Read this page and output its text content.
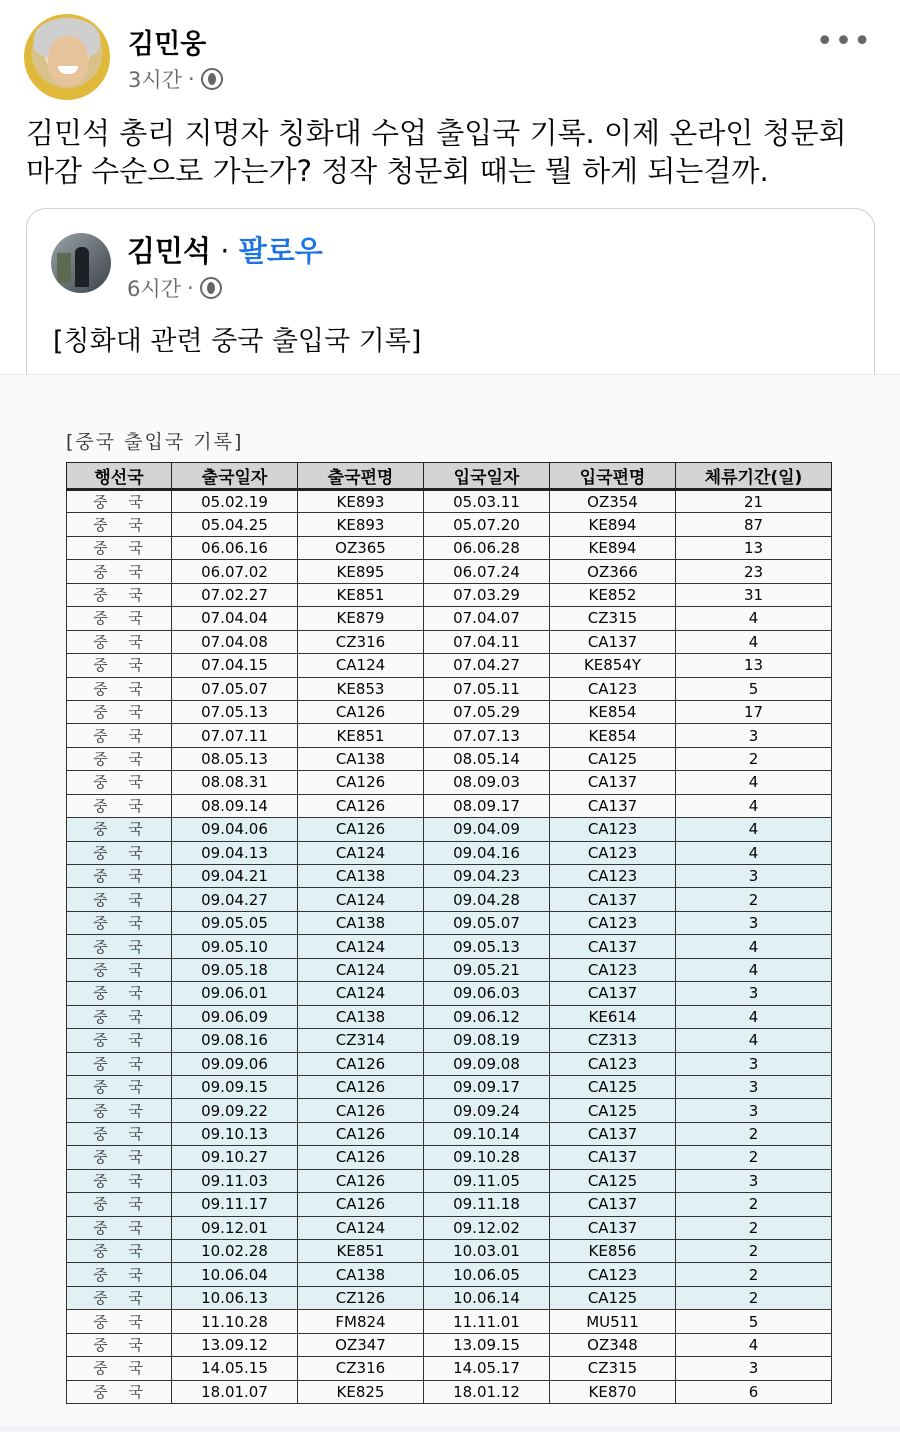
김민웅
3시간 ·
•••
김민석 총리 지명자 칭화대 수업 출입국 기록. 이제 온라인 청문회 마감 수순으로 가는가? 정작 청문회 때는 뭘 하게 되는걸까.
김민석 · 팔로우
6시간 ·
[칭화대 관련 중국 출입국 기록]
[중국 출입국 기록]
행선국	출국일자	출국편명	입국일자	입국편명	체류기간(일)
중 국	05.02.19	KE893	05.03.11	OZ354	21
중 국	05.04.25	KE893	05.07.20	KE894	87
중 국	06.06.16	OZ365	06.06.28	KE894	13
중 국	06.07.02	KE895	06.07.24	OZ366	23
중 국	07.02.27	KE851	07.03.29	KE852	31
중 국	07.04.04	KE879	07.04.07	CZ315	4
중 국	07.04.08	CZ316	07.04.11	CA137	4
중 국	07.04.15	CA124	07.04.27	KE854Y	13
중 국	07.05.07	KE853	07.05.11	CA123	5
중 국	07.05.13	CA126	07.05.29	KE854	17
중 국	07.07.11	KE851	07.07.13	KE854	3
중 국	08.05.13	CA138	08.05.14	CA125	2
중 국	08.08.31	CA126	08.09.03	CA137	4
중 국	08.09.14	CA126	08.09.17	CA137	4
중 국	09.04.06	CA126	09.04.09	CA123	4
중 국	09.04.13	CA124	09.04.16	CA123	4
중 국	09.04.21	CA138	09.04.23	CA123	3
중 국	09.04.27	CA124	09.04.28	CA137	2
중 국	09.05.05	CA138	09.05.07	CA123	3
중 국	09.05.10	CA124	09.05.13	CA137	4
중 국	09.05.18	CA124	09.05.21	CA123	4
중 국	09.06.01	CA124	09.06.03	CA137	3
중 국	09.06.09	CA138	09.06.12	KE614	4
중 국	09.08.16	CZ314	09.08.19	CZ313	4
중 국	09.09.06	CA126	09.09.08	CA123	3
중 국	09.09.15	CA126	09.09.17	CA125	3
중 국	09.09.22	CA126	09.09.24	CA125	3
중 국	09.10.13	CA126	09.10.14	CA137	2
중 국	09.10.27	CA126	09.10.28	CA137	2
중 국	09.11.03	CA126	09.11.05	CA125	3
중 국	09.11.17	CA126	09.11.18	CA137	2
중 국	09.12.01	CA124	09.12.02	CA137	2
중 국	10.02.28	KE851	10.03.01	KE856	2
중 국	10.06.04	CA138	10.06.05	CA123	2
중 국	10.06.13	CZ126	10.06.14	CA125	2
중 국	11.10.28	FM824	11.11.01	MU511	5
중 국	13.09.12	OZ347	13.09.15	OZ348	4
중 국	14.05.15	CZ316	14.05.17	CZ315	3
중 국	18.01.07	KE825	18.01.12	KE870	6
